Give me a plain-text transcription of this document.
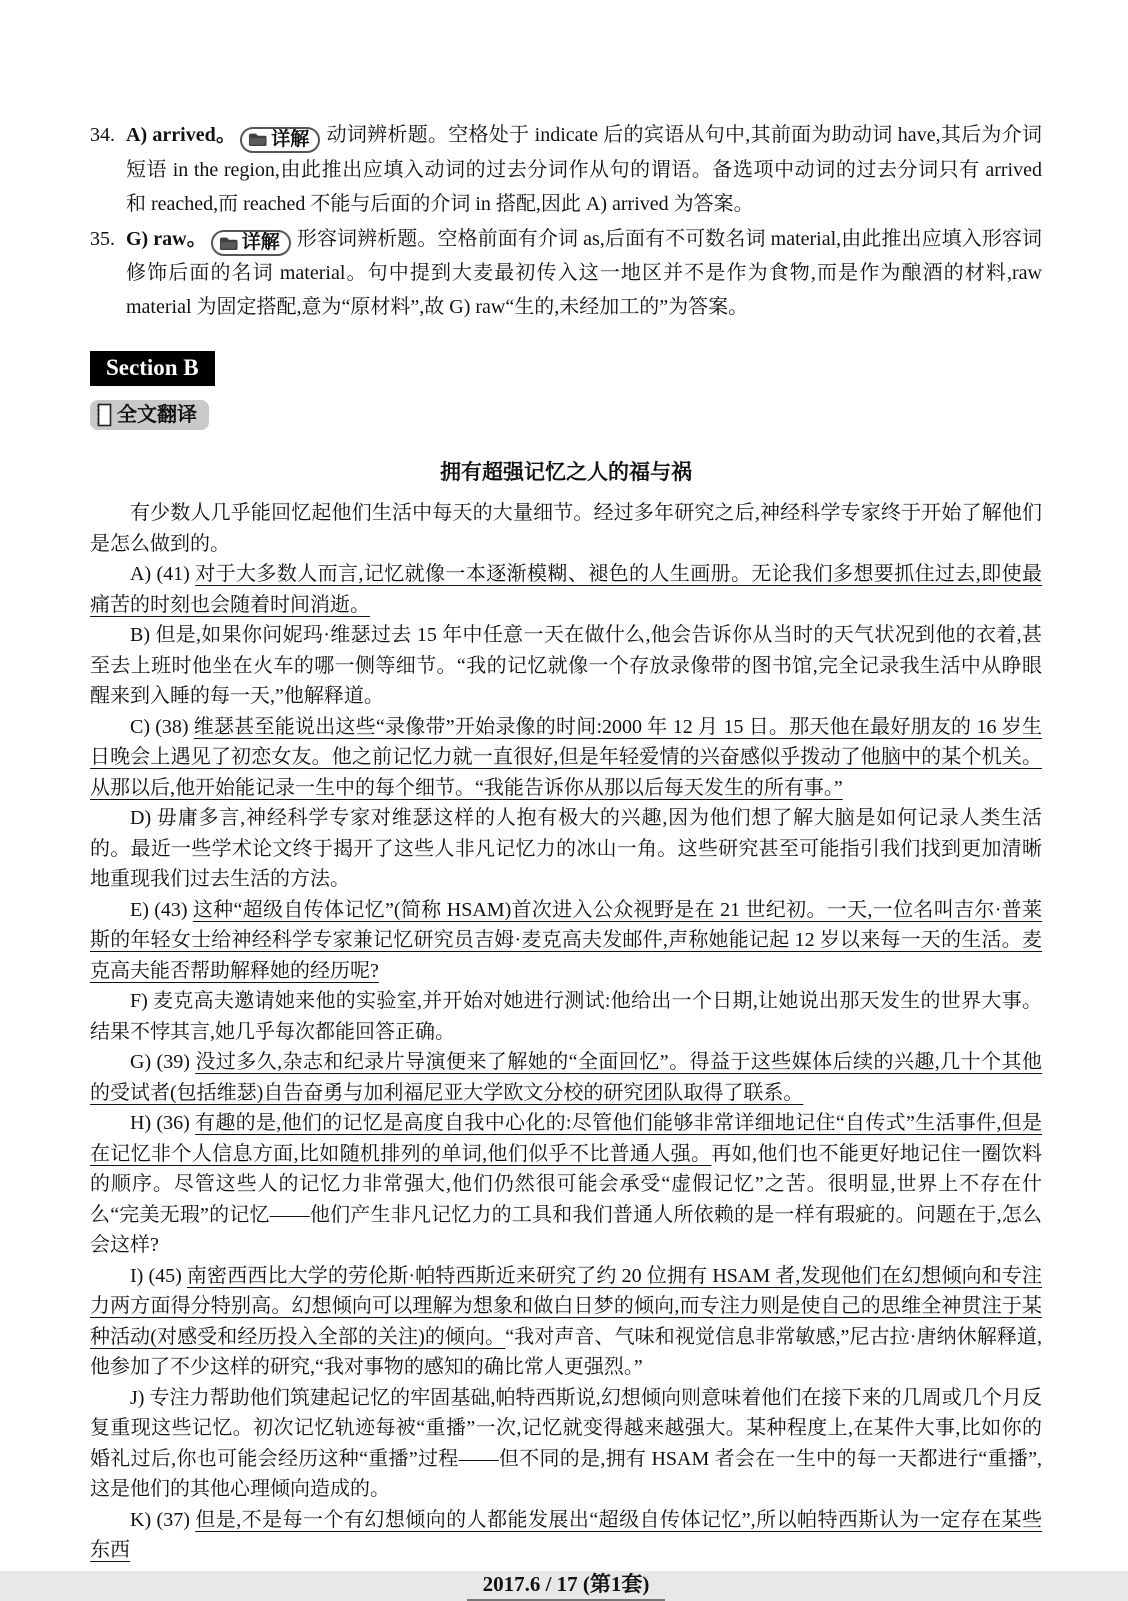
34. A) arrived。 详解 动词辨析题。空格处于 indicate 后的宾语从句中,其前面为助动词 have,其后为介词短语 in the region,由此推出应填入动词的过去分词作从句的谓语。备选项中动词的过去分词只有 arrived 和 reached,而 reached 不能与后面的介词 in 搭配,因此 A) arrived 为答案。
35. G) raw。 详解 形容词辨析题。空格前面有介词 as,后面有不可数名词 material,由此推出应填入形容词修饰后面的名词 material。句中提到大麦最初传入这一地区并不是作为食物,而是作为酿酒的材料,raw material 为固定搭配,意为“原材料”,故 G) raw“生的,未经加工的”为答案。
Section B
全文翻译
拥有超强记忆之人的福与祸

有少数人几乎能回忆起他们生活中每天的大量细节。经过多年研究之后,神经科学专家终于开始了解他们是怎么做到的。

A) (41) 对于大多数人而言,记忆就像一本逐渐模糊、褪色的人生画册。无论我们多想要抓住过去,即使最痛苦的时刻也会随着时间消逝。

B) 但是,如果你问妮玛·维瑟过去 15 年中任意一天在做什么,他会告诉你从当时的天气状况到他的衣着,甚至去上班时他坐在火车的哪一侧等细节。“我的记忆就像一个存放录像带的图书馆,完全记录我生活中从睁眼醒来到入睡的每一天,”他解释道。

C) (38) 维瑟甚至能说出这些“录像带”开始录像的时间:2000 年 12 月 15 日。那天他在最好朋友的 16 岁生日晚会上遇见了初恋女友。他之前记忆力就一直很好,但是年轻爱情的兴奋感似乎拨动了他脑中的某个机关。从那以后,他开始能记录一生中的每个细节。“我能告诉你从那以后每天发生的所有事。”

D) 毋庸多言,神经科学专家对维瑟这样的人抱有极大的兴趣,因为他们想了解大脑是如何记录人类生活的。最近一些学术论文终于揭开了这些人非凡记忆力的冰山一角。这些研究甚至可能指引我们找到更加清晰地重现我们过去生活的方法。

E) (43) 这种“超级自传体记忆”(简称 HSAM)首次进入公众视野是在 21 世纪初。一天,一位名叫吉尔·普莱斯的年轻女士给神经科学专家兼记忆研究员吉姆·麦克高夫发邮件,声称她能记起 12 岁以来每一天的生活。麦克高夫能否帮助解释她的经历呢?

F) 麦克高夫邀请她来他的实验室,并开始对她进行测试:他给出一个日期,让她说出那天发生的世界大事。结果不悖其言,她几乎每次都能回答正确。

G) (39) 没过多久,杂志和纪录片导演便来了解她的“全面回忆”。得益于这些媒体后续的兴趣,几十个其他的受试者(包括维瑟)自告奋勇与加利福尼亚大学欧文分校的研究团队取得了联系。

H) (36) 有趣的是,他们的记忆是高度自我中心化的:尽管他们能够非常详细地记住“自传式”生活事件,但是在记忆非个人信息方面,比如随机排列的单词,他们似乎不比普通人强。再如,他们也不能更好地记住一圈饮料的顺序。尽管这些人的记忆力非常强大,他们仍然很可能会承受“虚假记忆”之苦。很明显,世界上不存在什么“完美无瑕”的记忆——他们产生非凡记忆力的工具和我们普通人所依赖的是一样有瑕疵的。问题在于,怎么会这样?

I) (45) 南密西西比大学的劳伦斯·帕特西斯近来研究了约 20 位拥有 HSAM 者,发现他们在幻想倾向和专注力两方面得分特别高。幻想倾向可以理解为想象和做白日梦的倾向,而专注力则是使自己的思维全神贯注于某种活动(对感受和经历投入全部的关注)的倾向。“我对声音、气味和视觉信息非常敏感,”尼古拉·唐纳休解释道,他参加了不少这样的研究,“我对事物的感知的确比常人更强烈。”

J) 专注力帮助他们筑建起记忆的牢固基础,帕特西斯说,幻想倾向则意味着他们在接下来的几周或几个月反复重现这些记忆。初次记忆轨迹每被“重播”一次,记忆就变得越来越强大。某种程度上,在某件大事,比如你的婚礼过后,你也可能会经历这种“重播”过程——但不同的是,拥有 HSAM 者会在一生中的每一天都进行“重播”,这是他们的其他心理倾向造成的。

K) (37) 但是,不是每一个有幻想倾向的人都能发展出“超级自传体记忆”,所以帕特西斯认为一定存在某些东西

2017.6 / 17 (第1套)
